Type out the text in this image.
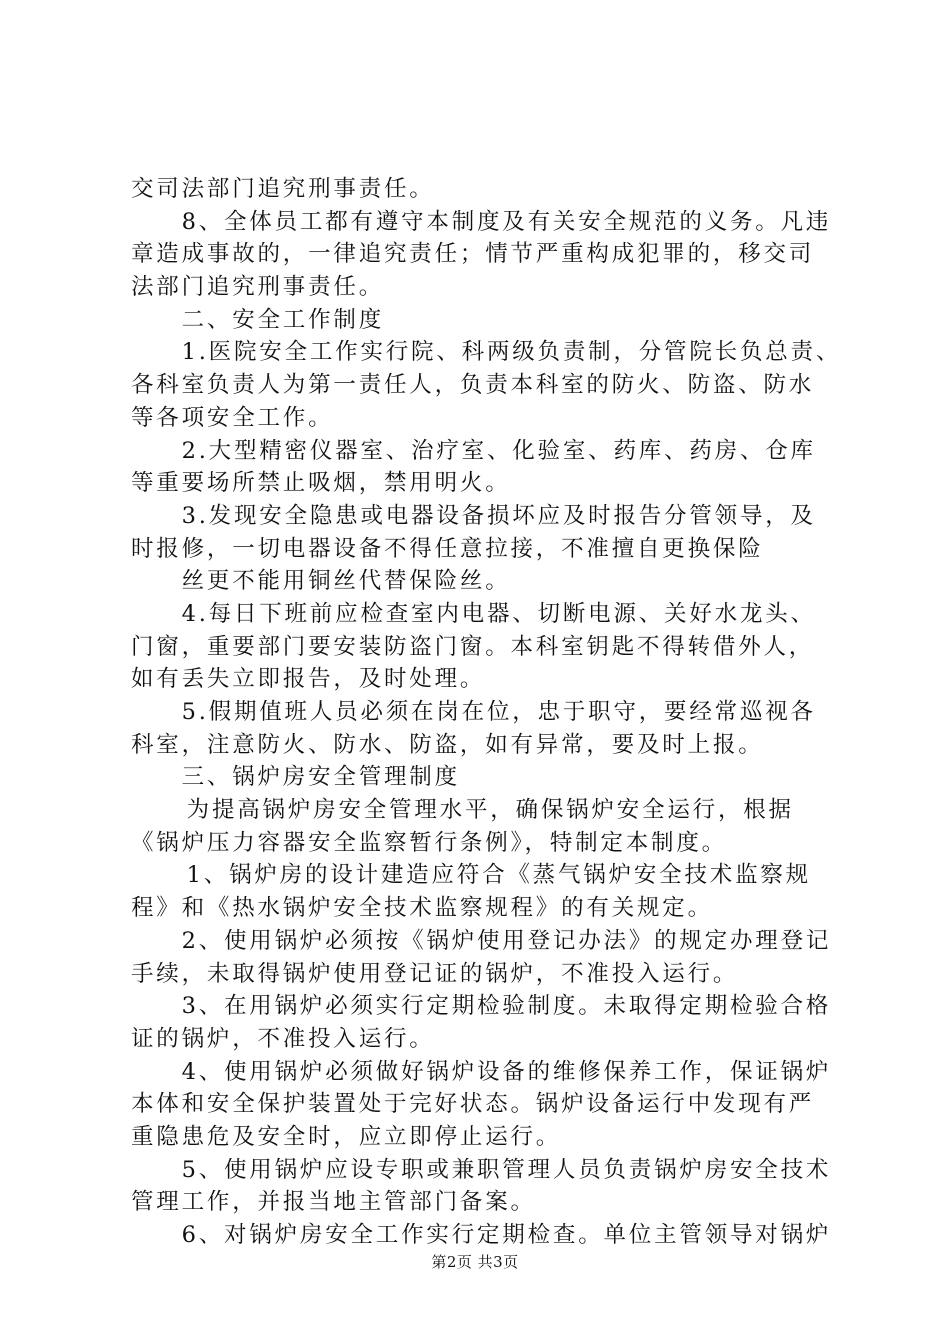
交司法部门追究刑事责任。
8、全体员工都有遵守本制度及有关安全规范的义务。凡违
章造成事故的，一律追究责任；情节严重构成犯罪的，移交司
法部门追究刑事责任。
二、安全工作制度
1.医院安全工作实行院、科两级负责制，分管院长负总责、
各科室负责人为第一责任人，负责本科室的防火、防盗、防水
等各项安全工作。
2.大型精密仪器室、治疗室、化验室、药库、药房、仓库
等重要场所禁止吸烟，禁用明火。
3.发现安全隐患或电器设备损坏应及时报告分管领导，及
时报修，一切电器设备不得任意拉接，不准擅自更换保险
丝更不能用铜丝代替保险丝。
4.每日下班前应检查室内电器、切断电源、关好水龙头、
门窗，重要部门要安装防盗门窗。本科室钥匙不得转借外人，
如有丢失立即报告，及时处理。
5.假期值班人员必须在岗在位，忠于职守，要经常巡视各
科室，注意防火、防水、防盗，如有异常，要及时上报。
三、锅炉房安全管理制度
为提高锅炉房安全管理水平，确保锅炉安全运行，根据
《锅炉压力容器安全监察暂行条例》，特制定本制度。
1、锅炉房的设计建造应符合《蒸气锅炉安全技术监察规
程》和《热水锅炉安全技术监察规程》的有关规定。
2、使用锅炉必须按《锅炉使用登记办法》的规定办理登记
手续，未取得锅炉使用登记证的锅炉，不准投入运行。
3、在用锅炉必须实行定期检验制度。未取得定期检验合格
证的锅炉，不准投入运行。
4、使用锅炉必须做好锅炉设备的维修保养工作，保证锅炉
本体和安全保护装置处于完好状态。锅炉设备运行中发现有严
重隐患危及安全时，应立即停止运行。
5、使用锅炉应设专职或兼职管理人员负责锅炉房安全技术
管理工作，并报当地主管部门备案。
6、对锅炉房安全工作实行定期检查。单位主管领导对锅炉
第2页 共3页
